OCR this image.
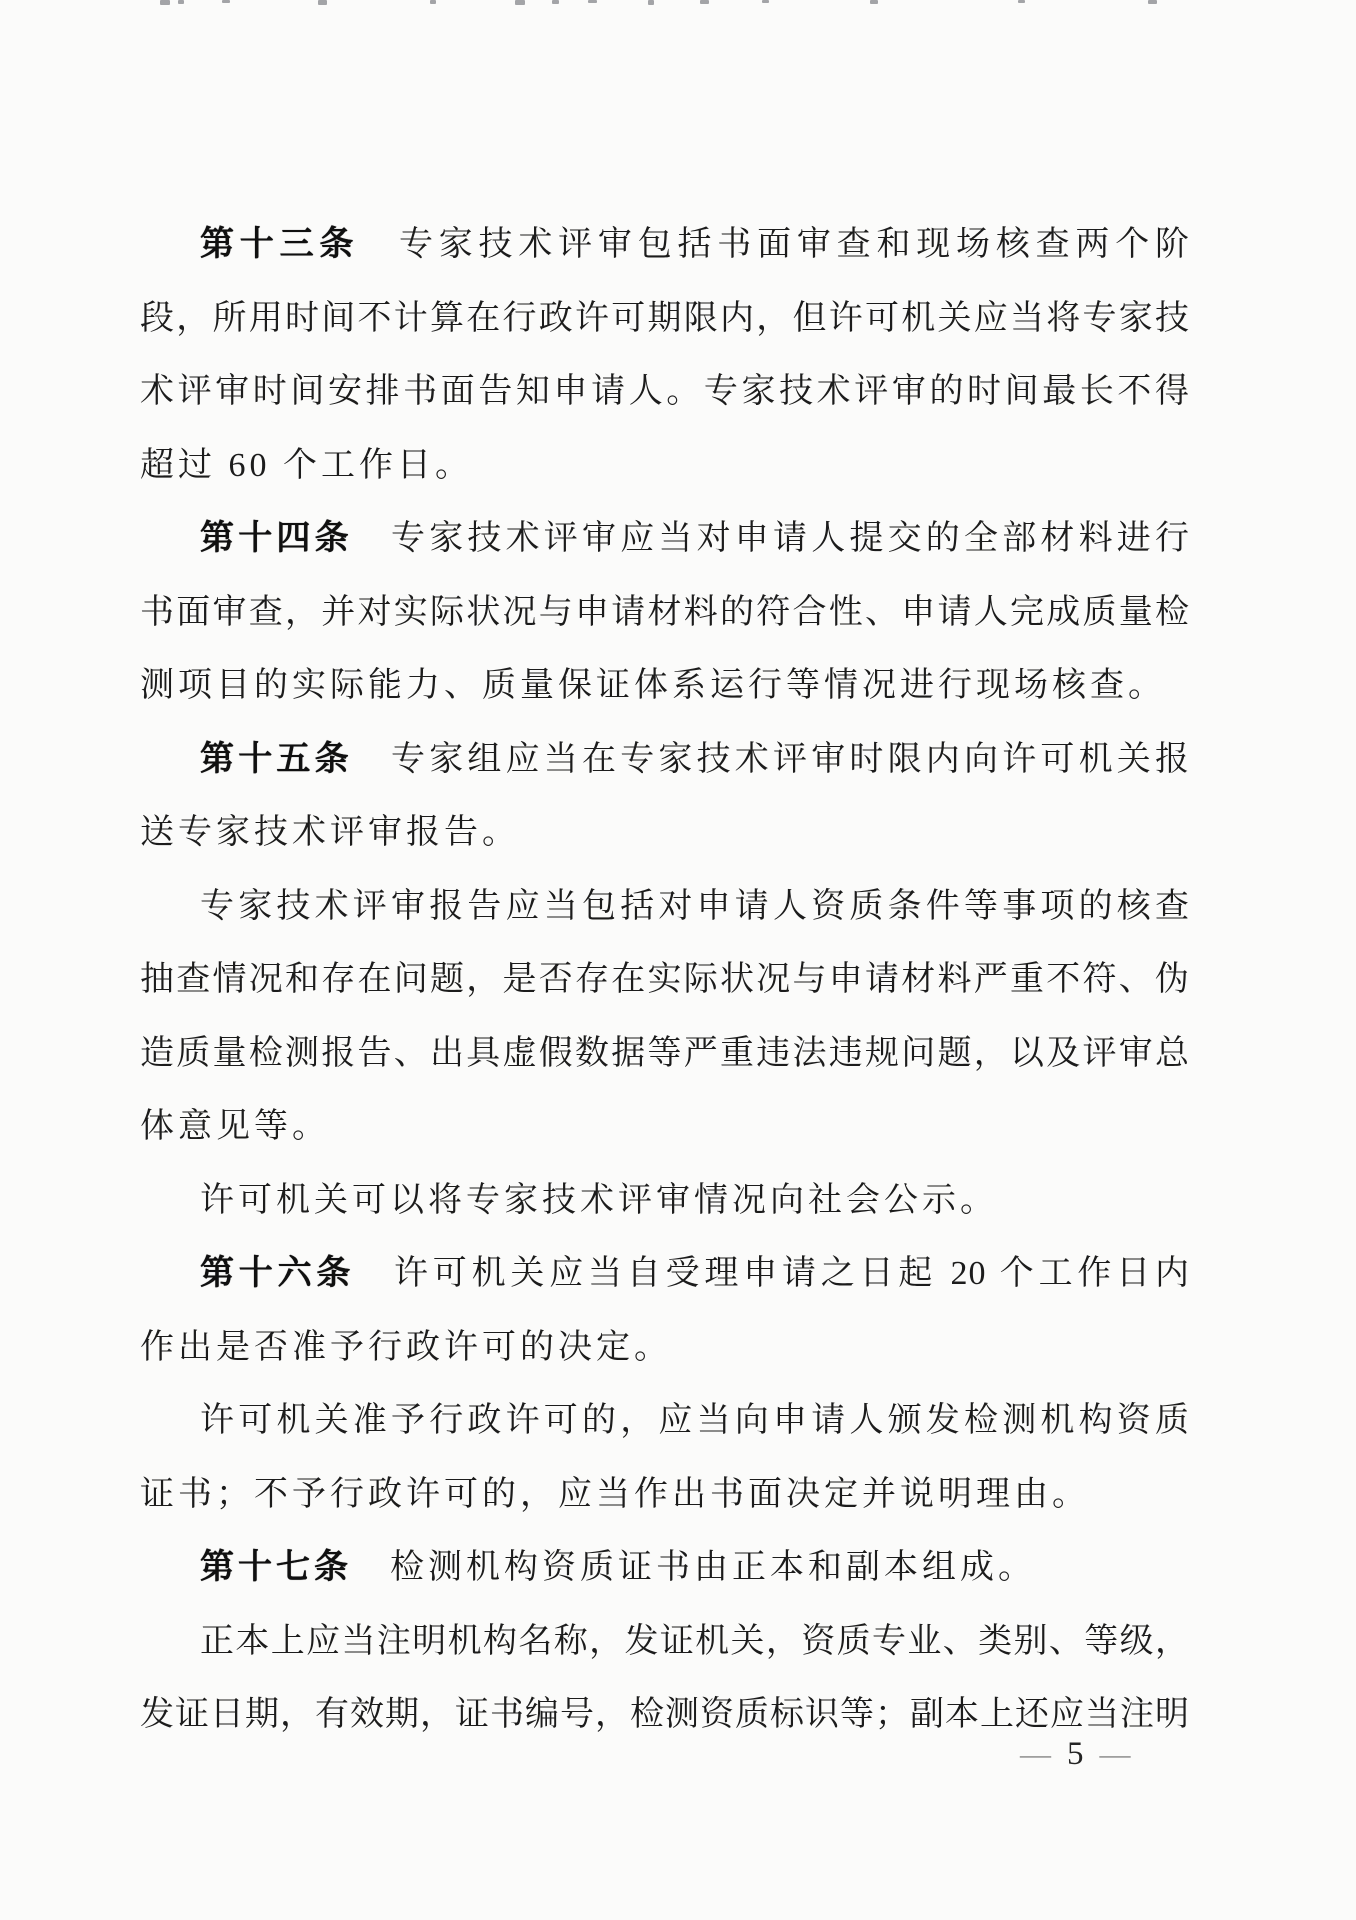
第十三条　专家技术评审包括书面审查和现场核查两个阶
段，所用时间不计算在行政许可期限内，但许可机关应当将专家技
术评审时间安排书面告知申请人。专家技术评审的时间最长不得
超过 60 个工作日。
第十四条　专家技术评审应当对申请人提交的全部材料进行
书面审查，并对实际状况与申请材料的符合性、申请人完成质量检
测项目的实际能力、质量保证体系运行等情况进行现场核查。
第十五条　专家组应当在专家技术评审时限内向许可机关报
送专家技术评审报告。
专家技术评审报告应当包括对申请人资质条件等事项的核查
抽查情况和存在问题，是否存在实际状况与申请材料严重不符、伪
造质量检测报告、出具虚假数据等严重违法违规问题，以及评审总
体意见等。
许可机关可以将专家技术评审情况向社会公示。
第十六条　许可机关应当自受理申请之日起 20 个工作日内
作出是否准予行政许可的决定。
许可机关准予行政许可的，应当向申请人颁发检测机构资质
证书；不予行政许可的，应当作出书面决定并说明理由。
第十七条　检测机构资质证书由正本和副本组成。
正本上应当注明机构名称，发证机关，资质专业、类别、等级，
发证日期，有效期，证书编号，检测资质标识等；副本上还应当注明
— 5 —
